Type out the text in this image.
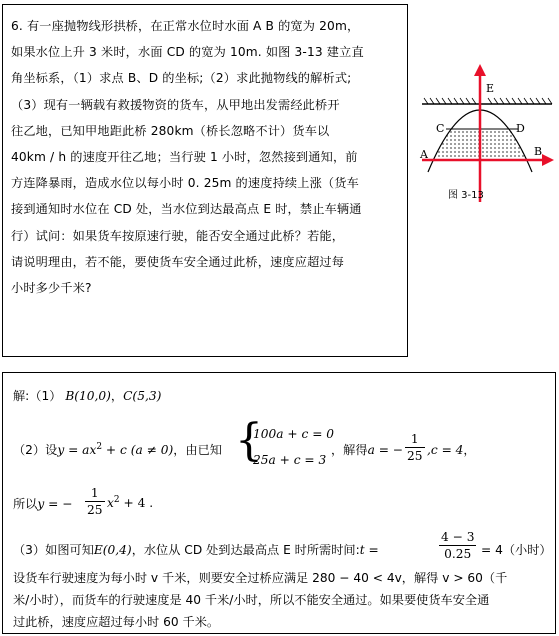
6. 有一座抛物线形拱桥，在正常水位时水面 A B 的宽为 20m，
如果水位上升 3 米时，水面 CD 的宽为 10m. 如图 3-13 建立直
角坐标系，（1）求点 B、D 的坐标;（2）求此抛物线的解析式;
（3）现有一辆载有救援物资的货车，从甲地出发需经此桥开
往乙地，已知甲地距此桥 280km（桥长忽略不计）货车以
40km / h 的速度开往乙地；当行驶 1 小时，忽然接到通知，前
方连降暴雨，造成水位以每小时 0. 25m 的速度持续上涨（货车
接到通知时水位在 CD 处，当水位到达最高点 E 时，禁止车辆通
行）试问：如果货车按原速行驶，能否安全通过此桥？若能，
请说明理由，若不能，要使货车安全通过此桥，速度应超过每
小时多少千米?
E
C	D
A	B
图 3-13
解:（1） B(10,0)，C(5,3)
（2）设$y = ax^2 + c$ (a ≠ 0)，由已知 {
100a + c = 0
25a + c = 3
，解得a = − $\frac{1}{25} ,c = 4$，
所以y = − $\frac{1}{25} x^2 + 4$ .
（3）如图可知E(0,4)，水位从 CD 处到达最高点 E 时所需时间:t =	$\frac{4 - 3}{0.25} = 4$（小时）
设货车行驶速度为每小时 v 千米，则要安全过桥应满足 280 − 40 < 4v，解得 v > 60（千
米/小时），而货车的行驶速度是 40 千米/小时，所以不能安全通过。如果要使货车安全通
过此桥，速度应超过每小时 60 千米。
